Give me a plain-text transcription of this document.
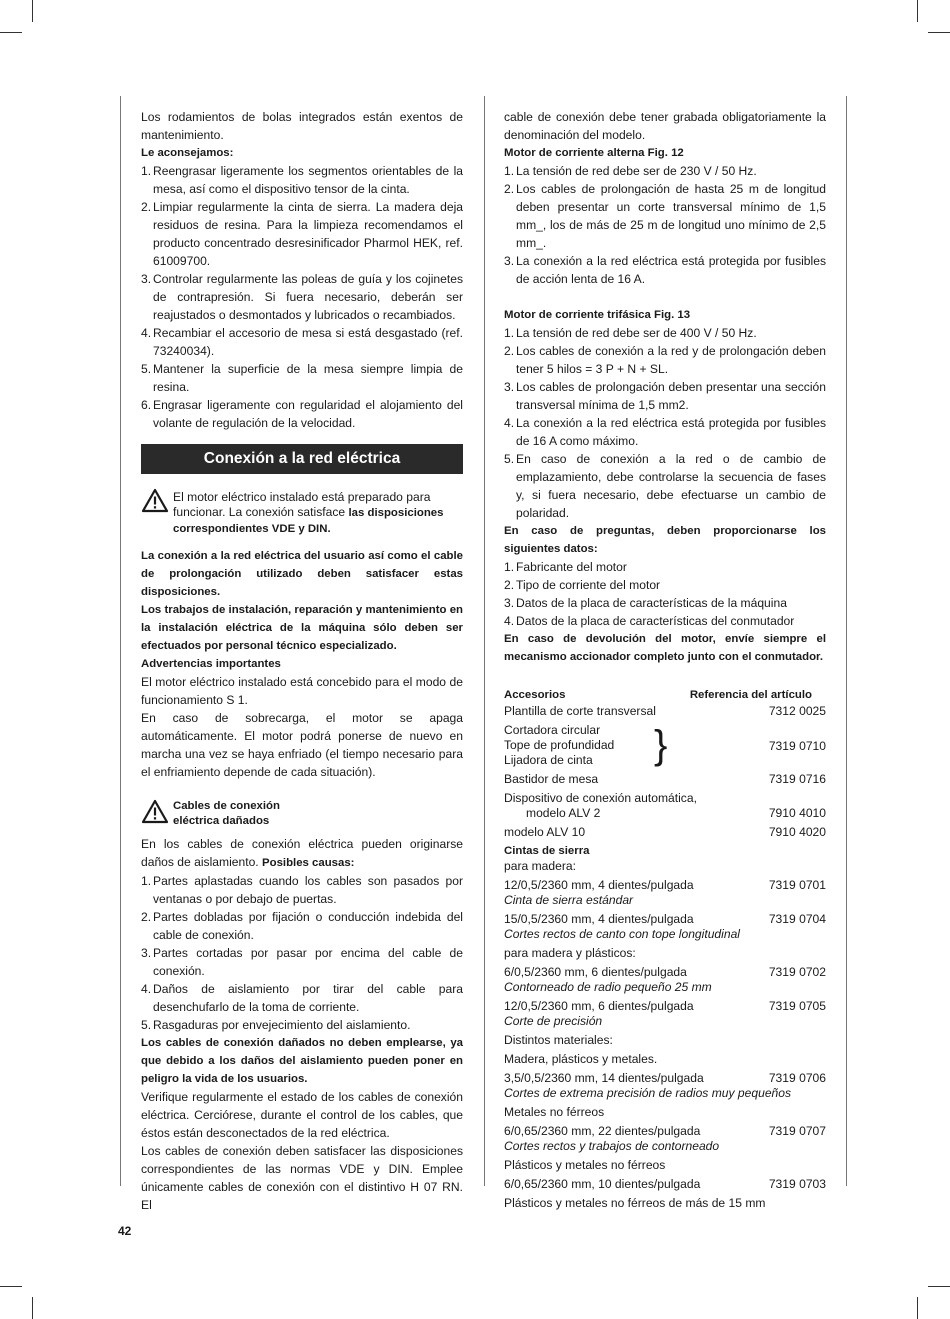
Los rodamientos de bolas integrados están exentos de mantenimiento.

Le aconsejamos:

1. Reengrasar ligeramente los segmentos orientables de la mesa, así como el dispositivo tensor de la cinta.
2. Limpiar regularmente la cinta de sierra. La madera deja residuos de resina. Para la limpieza recomendamos el producto concentrado desresinificador Pharmol HEK, ref. 61009700.
3. Controlar regularmente las poleas de guía y los cojinetes de contrapresión. Si fuera necesario, deberán ser reajustados o desmontados y lubricados o recambiados.
4. Recambiar el accesorio de mesa si está desgastado (ref. 73240034).
5. Mantener la superficie de la mesa siempre limpia de resina.
6. Engrasar ligeramente con regularidad el alojamiento del volante de regulación de la velocidad.
Conexión a la red eléctrica

El motor eléctrico instalado está preparado para funcionar. La conexión satisface las disposiciones correspondientes VDE y DIN.

La conexión a la red eléctrica del usuario así como el cable de prolongación utilizado deben satisfacer estas disposiciones.

Los trabajos de instalación, reparación y mantenimiento en la instalación eléctrica de la máquina sólo deben ser efectuados por personal técnico especializado.

Advertencias importantes

El motor eléctrico instalado está concebido para el modo de funcionamiento S 1.

En caso de sobrecarga, el motor se apaga automáticamente. El motor podrá ponerse de nuevo en marcha una vez se haya enfriado (el tiempo necesario para el enfriamiento depende de cada situación).

Cables de conexión
eléctrica dañados

En los cables de conexión eléctrica pueden originarse daños de aislamiento. Posibles causas:

1. Partes aplastadas cuando los cables son pasados por ventanas o por debajo de puertas.
2. Partes dobladas por fijación o conducción indebida del cable de conexión.
3. Partes cortadas por pasar por encima del cable de conexión.
4. Daños de aislamiento por tirar del cable para desenchufarlo de la toma de corriente.
5. Rasgaduras por envejecimiento del aislamiento.

Los cables de conexión dañados no deben emplearse, ya que debido a los daños del aislamiento pueden poner en peligro la vida de los usuarios.

Verifique regularmente el estado de los cables de conexión eléctrica. Cerciórese, durante el control de los cables, que éstos están desconectados de la red eléctrica.

Los cables de conexión deben satisfacer las disposiciones correspondientes de las normas VDE y DIN. Emplee únicamente cables de conexión con el distintivo H 07 RN. El

cable de conexión debe tener grabada obligatoriamente la denominación del modelo.

Motor de corriente alterna Fig. 12

1. La tensión de red debe ser de 230 V / 50 Hz.
2. Los cables de prolongación de hasta 25 m de longitud deben presentar un corte transversal mínimo de 1,5 mm_, los de más de 25 m de longitud uno mínimo de 2,5 mm_.
3. La conexión a la red eléctrica está protegida por fusibles de acción lenta de 16 A.

Motor de corriente trifásica Fig. 13

1. La tensión de red debe ser de 400 V / 50 Hz.
2. Los cables de conexión a la red y de prolongación deben tener 5 hilos = 3 P + N + SL.
3. Los cables de prolongación deben presentar una sección transversal mínima de 1,5 mm2.
4. La conexión a la red eléctrica está protegida por fusibles de 16 A como máximo.
5. En caso de conexión a la red o de cambio de emplazamiento, debe controlarse la secuencia de fases y, si fuera necesario, debe efectuarse un cambio de polaridad.

En caso de preguntas, deben proporcionarse los siguientes datos:

1. Fabricante del motor
2. Tipo de corriente del motor
3. Datos de la placa de características de la máquina
4. Datos de la placa de características del conmutador

En caso de devolución del motor, envíe siempre el mecanismo accionador completo junto con el conmutador.

Accesorios	Referencia del artículo
Plantilla de corte transversal	7312 0025
Cortadora circular
Tope de profundidad
Lijadora de cinta	}	7319 0710
Bastidor de mesa	7319 0716
Dispositivo de conexión automática,
modelo ALV 2	7910 4010
modelo ALV 10	7910 4020

Cintas de sierra

para madera:

12/0,5/2360 mm, 4 dientes/pulgada	7319 0701

Cinta de sierra estándar

15/0,5/2360 mm, 4 dientes/pulgada	7319 0704

Cortes rectos de canto con tope longitudinal

para madera y plásticos:

6/0,5/2360 mm, 6 dientes/pulgada	7319 0702

Contorneado de radio pequeño 25 mm

12/0,5/2360 mm, 6 dientes/pulgada	7319 0705

Corte de precisión

Distintos materiales:

Madera, plásticos y metales.

3,5/0,5/2360 mm, 14 dientes/pulgada	7319 0706

Cortes de extrema precisión de radios muy pequeños

Metales no férreos

6/0,65/2360 mm, 22 dientes/pulgada	7319 0707

Cortes rectos y trabajos de contorneado

Plásticos y metales no férreos

6/0,65/2360 mm, 10 dientes/pulgada	7319 0703

Plásticos y metales no férreos de más de 15 mm

42
